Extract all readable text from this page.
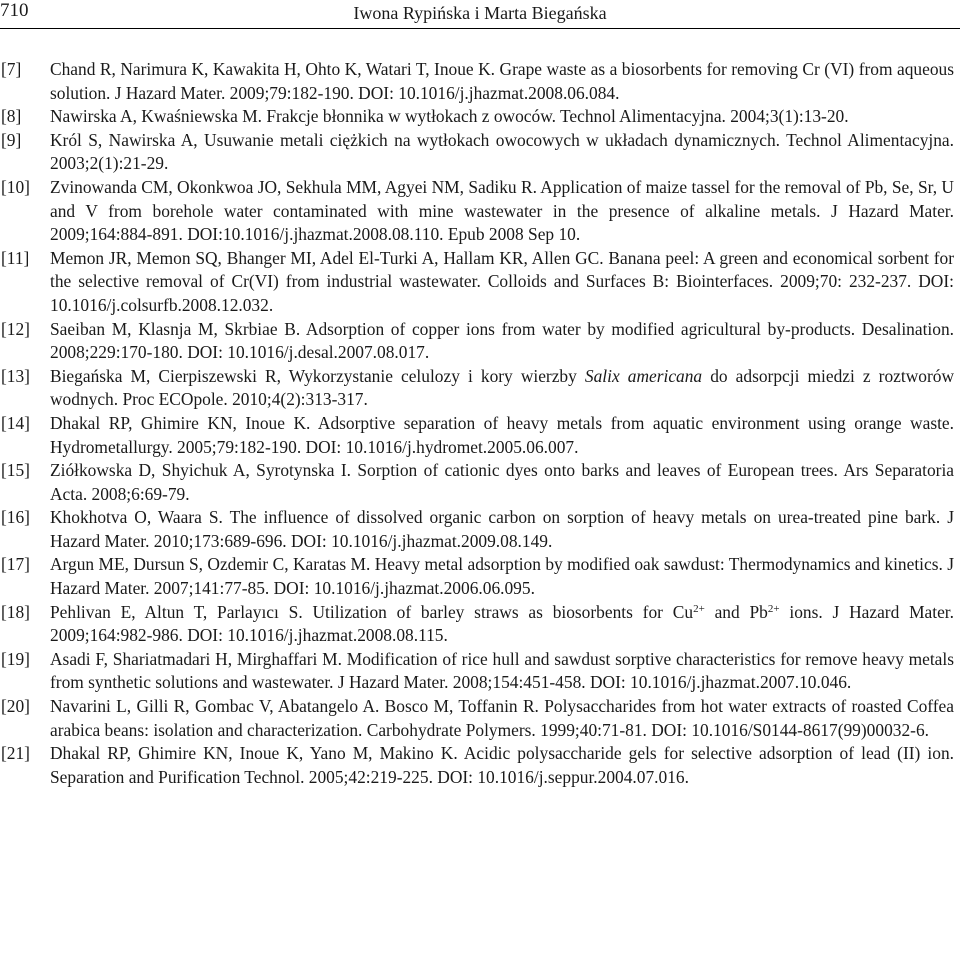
710	Iwona Rypińska i Marta Biegańska
[7] Chand R, Narimura K, Kawakita H, Ohto K, Watari T, Inoue K. Grape waste as a biosorbents for removing Cr (VI) from aqueous solution. J Hazard Mater. 2009;79:182-190. DOI: 10.1016/j.jhazmat.2008.06.084.
[8] Nawirska A, Kwaśniewska M. Frakcje błonnika w wytłokach z owoców. Technol Alimentacyjna. 2004;3(1):13-20.
[9] Król S, Nawirska A, Usuwanie metali ciężkich na wytłokach owocowych w układach dynamicznych. Technol Alimentacyjna. 2003;2(1):21-29.
[10] Zvinowanda CM, Okonkwoa JO, Sekhula MM, Agyei NM, Sadiku R. Application of maize tassel for the removal of Pb, Se, Sr, U and V from borehole water contaminated with mine wastewater in the presence of alkaline metals. J Hazard Mater. 2009;164:884-891. DOI:10.1016/j.jhazmat.2008.08.110. Epub 2008 Sep 10.
[11] Memon JR, Memon SQ, Bhanger MI, Adel El-Turki A, Hallam KR, Allen GC. Banana peel: A green and economical sorbent for the selective removal of Cr(VI) from industrial wastewater. Colloids and Surfaces B: Biointerfaces. 2009;70: 232-237. DOI: 10.1016/j.colsurfb.2008.12.032.
[12] Saeiban M, Klasnja M, Skrbiae B. Adsorption of copper ions from water by modified agricultural by-products. Desalination. 2008;229:170-180. DOI: 10.1016/j.desal.2007.08.017.
[13] Biegańska M, Cierpiszewski R, Wykorzystanie celulozy i kory wierzby Salix americana do adsorpcji miedzi z roztworów wodnych. Proc ECOpole. 2010;4(2):313-317.
[14] Dhakal RP, Ghimire KN, Inoue K. Adsorptive separation of heavy metals from aquatic environment using orange waste. Hydrometallurgy. 2005;79:182-190. DOI: 10.1016/j.hydromet.2005.06.007.
[15] Ziółkowska D, Shyichuk A, Syrotynska I. Sorption of cationic dyes onto barks and leaves of European trees. Ars Separatoria Acta. 2008;6:69-79.
[16] Khokhotva O, Waara S. The influence of dissolved organic carbon on sorption of heavy metals on urea-treated pine bark. J Hazard Mater. 2010;173:689-696. DOI: 10.1016/j.jhazmat.2009.08.149.
[17] Argun ME, Dursun S, Ozdemir C, Karatas M. Heavy metal adsorption by modified oak sawdust: Thermodynamics and kinetics. J Hazard Mater. 2007;141:77-85. DOI: 10.1016/j.jhazmat.2006.06.095.
[18] Pehlivan E, Altun T, Parlayıcı S. Utilization of barley straws as biosorbents for $Cu^{2+}$ and $Pb^{2+}$ ions. J Hazard Mater. 2009;164:982-986. DOI: 10.1016/j.jhazmat.2008.08.115.
[19] Asadi F, Shariatmadari H, Mirghaffari M. Modification of rice hull and sawdust sorptive characteristics for remove heavy metals from synthetic solutions and wastewater. J Hazard Mater. 2008;154:451-458. DOI: 10.1016/j.jhazmat.2007.10.046.
[20] Navarini L, Gilli R, Gombac V, Abatangelo A. Bosco M, Toffanin R. Polysaccharides from hot water extracts of roasted Coffea arabica beans: isolation and characterization. Carbohydrate Polymers. 1999;40:71-81. DOI: 10.1016/S0144-8617(99)00032-6.
[21] Dhakal RP, Ghimire KN, Inoue K, Yano M, Makino K. Acidic polysaccharide gels for selective adsorption of lead (II) ion. Separation and Purification Technol. 2005;42:219-225. DOI: 10.1016/j.seppur.2004.07.016.
